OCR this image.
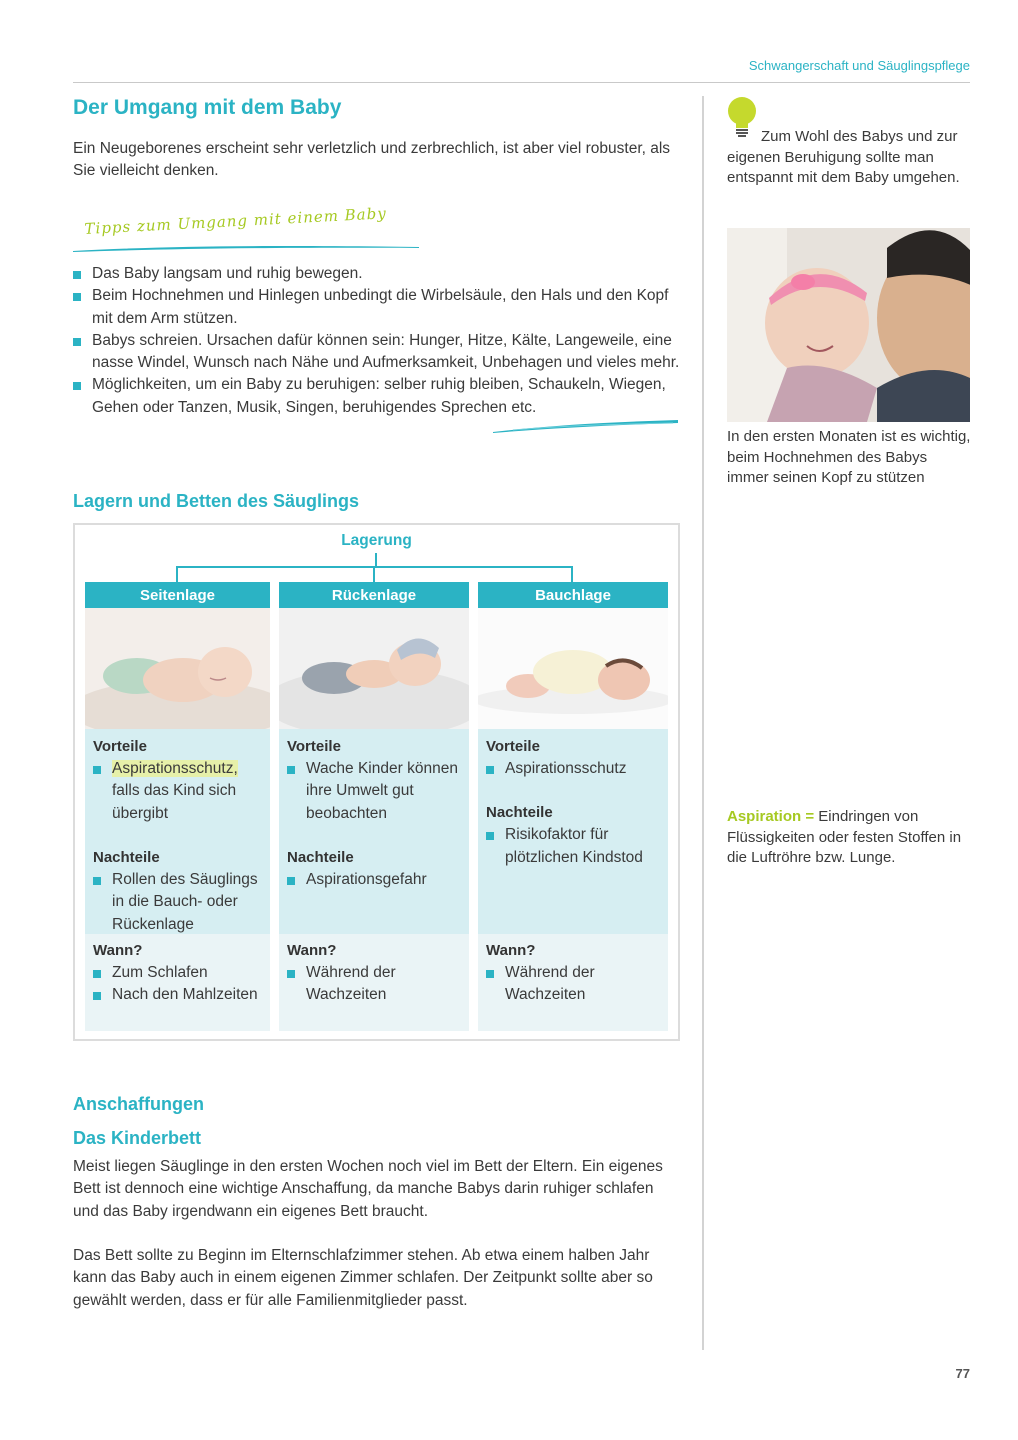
Schwangerschaft und Säuglingspflege
Der Umgang mit dem Baby

Ein Neugeborenes erscheint sehr verletzlich und zerbrechlich, ist aber viel robuster, als Sie vielleicht denken.

Tipps zum Umgang mit einem Baby
Das Baby langsam und ruhig bewegen.
Beim Hochnehmen und Hinlegen unbedingt die Wirbelsäule, den Hals und den Kopf mit dem Arm stützen.
Babys schreien. Ursachen dafür können sein: Hunger, Hitze, Kälte, Langeweile, eine nasse Windel, Wunsch nach Nähe und Aufmerksamkeit, Unbehagen und vieles mehr.
Möglichkeiten, um ein Baby zu beruhigen: selber ruhig bleiben, Schaukeln, Wiegen, Gehen oder Tanzen, Musik, Singen, beruhigendes Sprechen etc.
Lagern und Betten des Säuglings
Lagerung
Seitenlage
Vorteile
Aspirationsschutz, falls das Kind sich übergibt
Nachteile
Rollen des Säuglings in die Bauch- oder Rückenlage
Wann?
Zum Schlafen
Nach den Mahlzeiten
Rückenlage
Vorteile
Wache Kinder können ihre Umwelt gut beobachten
Nachteile
Aspirationsgefahr
Wann?
Während der Wachzeiten
Bauchlage
Vorteile
Aspirationsschutz
Nachteile
Risikofaktor für plötzlichen Kindstod
Wann?
Während der Wachzeiten
Anschaffungen
Das Kinderbett

Meist liegen Säuglinge in den ersten Wochen noch viel im Bett der Eltern. Ein eigenes Bett ist dennoch eine wichtige Anschaffung, da manche Babys darin ruhiger schlafen und das Baby irgendwann ein eigenes Bett braucht.

Das Bett sollte zu Beginn im Elternschlafzimmer stehen. Ab etwa einem halben Jahr kann das Baby auch in einem eigenen Zimmer schlafen. Der Zeitpunkt sollte aber so gewählt werden, dass er für alle Familienmitglieder passt.

Zum Wohl des Babys und zur
eigenen Beruhigung sollte man entspannt mit dem Baby umgehen.
In den ersten Monaten ist es wichtig, beim Hochnehmen des Babys immer seinen Kopf zu stützen
Aspiration = Eindringen von Flüssigkeiten oder festen Stoffen in die Luftröhre bzw. Lunge.
77
